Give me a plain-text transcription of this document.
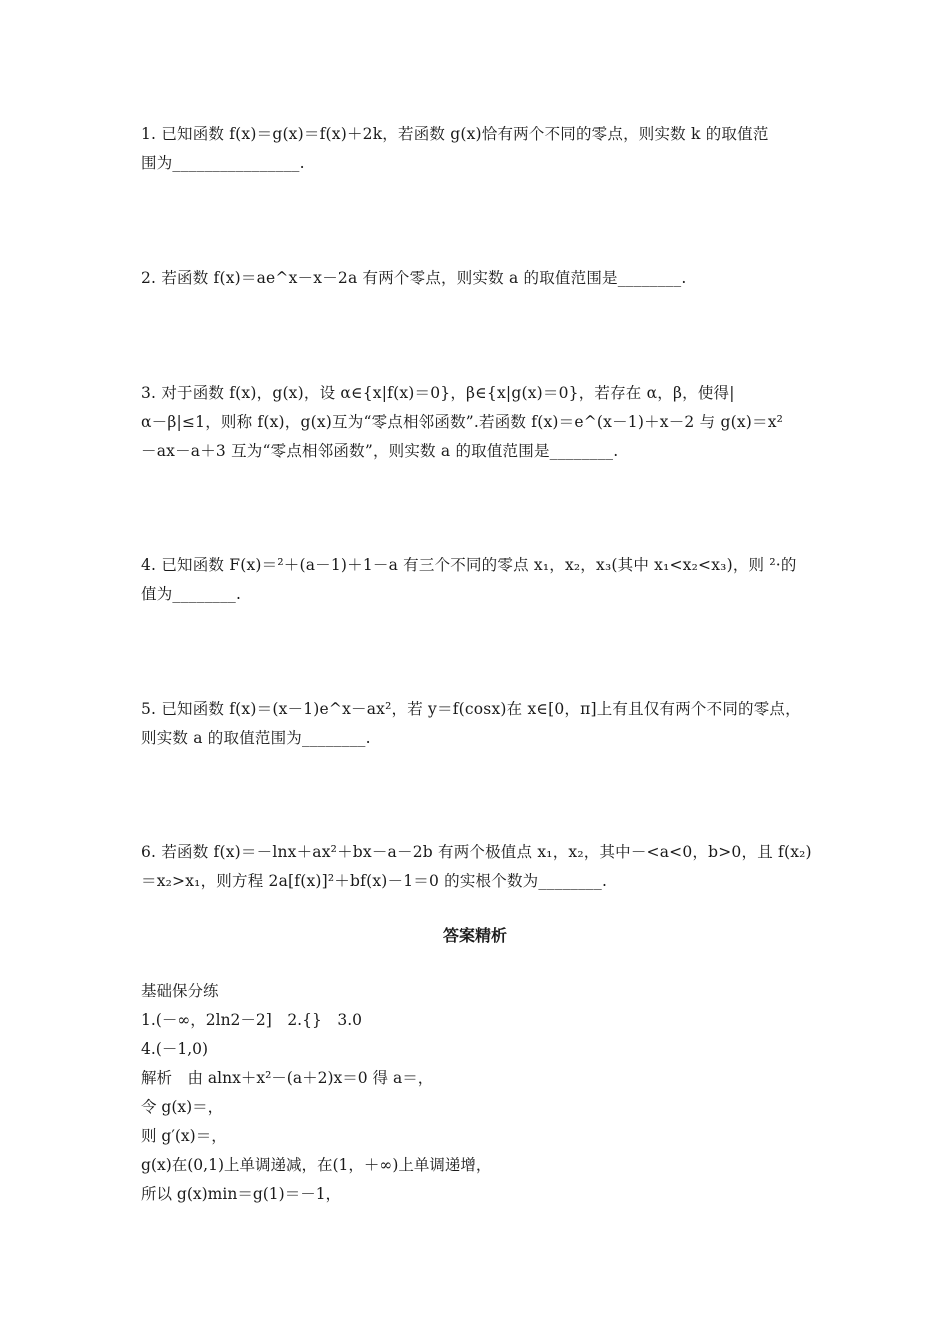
1. 已知函数 f(x)＝g(x)＝f(x)＋2k，若函数 g(x)恰有两个不同的零点，则实数 k 的取值范
围为________________.
2. 若函数 f(x)＝ae^x－x－2a 有两个零点，则实数 a 的取值范围是________.
3. 对于函数 f(x)，g(x)，设 α∈{x|f(x)＝0}，β∈{x|g(x)＝0}，若存在 α，β，使得|
α－β|≤1，则称 f(x)，g(x)互为“零点相邻函数”.若函数 f(x)＝e^(x－1)＋x－2 与 g(x)＝x²
－ax－a＋3 互为“零点相邻函数”，则实数 a 的取值范围是________.
4. 已知函数 F(x)＝²＋(a－1)＋1－a 有三个不同的零点 x₁，x₂，x₃(其中 x₁<x₂<x₃)，则 ²·的
值为________.
5. 已知函数 f(x)＝(x－1)e^x－ax²，若 y＝f(cosx)在 x∈[0，π]上有且仅有两个不同的零点，
则实数 a 的取值范围为________.
6. 若函数 f(x)＝－lnx＋ax²＋bx－a－2b 有两个极值点 x₁，x₂，其中－<a<0，b>0，且 f(x₂)
＝x₂>x₁，则方程 2a[f(x)]²＋bf(x)－1＝0 的实根个数为________.
答案精析
基础保分练
1.(－∞，2ln2－2]　2.{}　3.0
4.(－1,0)
解析　由 alnx＋x²－(a＋2)x＝0 得 a＝，
令 g(x)＝，
则 g′(x)＝，
g(x)在(0,1)上单调递减，在(1，＋∞)上单调递增，
所以 g(x)min＝g(1)＝－1，
